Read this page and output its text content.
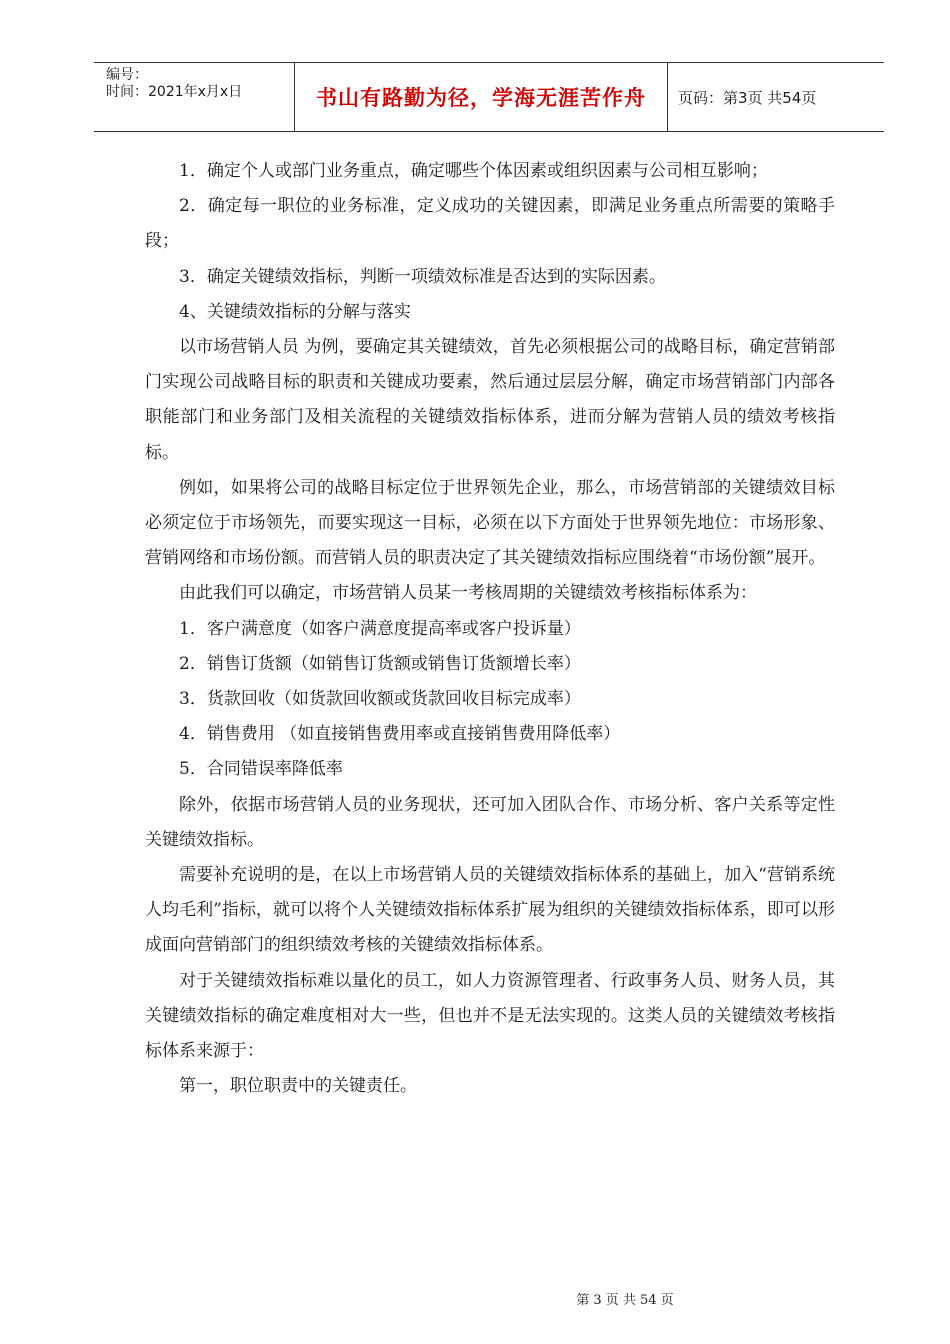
编号：
时间：2021年x月x日	书山有路勤为径，学海无涯苦作舟	页码：第3页 共54页

1．确定个人或部门业务重点，确定哪些个体因素或组织因素与公司相互影响；

2．确定每一职位的业务标准，定义成功的关键因素，即满足业务重点所需要的策略手段；

3．确定关键绩效指标，判断一项绩效标准是否达到的实际因素。

4、关键绩效指标的分解与落实

以市场营销人员 为例，要确定其关键绩效，首先必须根据公司的战略目标，确定营销部门实现公司战略目标的职责和关键成功要素，然后通过层层分解，确定市场营销部门内部各职能部门和业务部门及相关流程的关键绩效指标体系，进而分解为营销人员的绩效考核指标。

例如，如果将公司的战略目标定位于世界领先企业，那么，市场营销部的关键绩效目标必须定位于市场领先，而要实现这一目标，必须在以下方面处于世界领先地位：市场形象、营销网络和市场份额。而营销人员的职责决定了其关键绩效指标应围绕着“市场份额”展开。

由此我们可以确定，市场营销人员某一考核周期的关键绩效考核指标体系为：

1．客户满意度（如客户满意度提高率或客户投诉量）

2．销售订货额（如销售订货额或销售订货额增长率）

3．货款回收（如货款回收额或货款回收目标完成率）

4．销售费用 （如直接销售费用率或直接销售费用降低率）

5．合同错误率降低率

除外，依据市场营销人员的业务现状，还可加入团队合作、市场分析、客户关系等定性关键绩效指标。

需要补充说明的是，在以上市场营销人员的关键绩效指标体系的基础上，加入“营销系统人均毛利”指标，就可以将个人关键绩效指标体系扩展为组织的关键绩效指标体系，即可以形成面向营销部门的组织绩效考核的关键绩效指标体系。

对于关键绩效指标难以量化的员工，如人力资源管理者、行政事务人员、财务人员，其关键绩效指标的确定难度相对大一些，但也并不是无法实现的。这类人员的关键绩效考核指标体系来源于：

第一，职位职责中的关键责任。

第 3 页 共 54 页
